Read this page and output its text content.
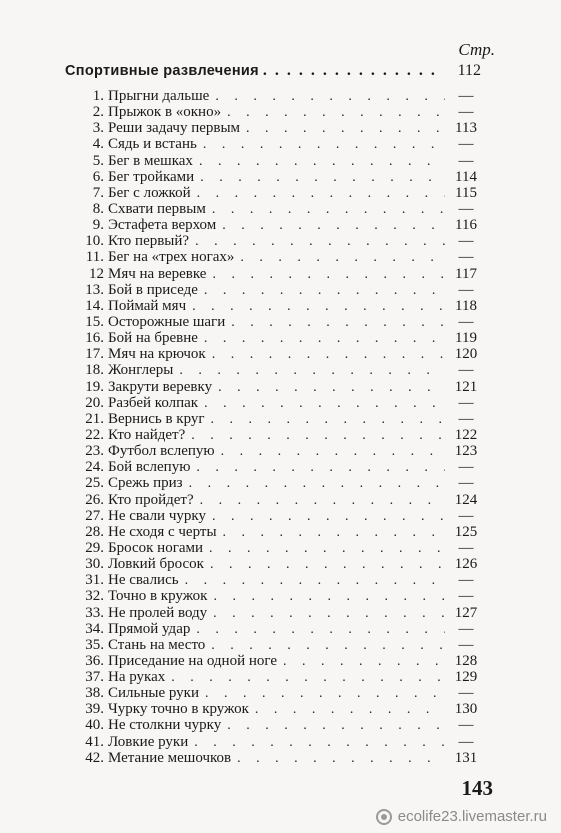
Стр.
Спортивные развлечения . . .	112
1. Прыгни дальше . . .	—
2. Прыжок в «окно» . . .	—
3. Реши задачу первым . . .	113
4. Сядь и встань . . .	—
5. Бег в мешках . . .	—
6. Бег тройками . . .	114
7. Бег с ложкой . . .	115
8. Схвати первым . . .	—
9. Эстафета верхом . . .	116
10. Кто первый? . . .	—
11. Бег на «трех ногах» . . .	—
12 Мяч на веревке . . .	117
13. Бой в приседе . . .	—
14. Поймай мяч . . .	118
15. Осторожные шаги . . .	—
16. Бой на бревне . . .	119
17. Мяч на крючок . . .	120
18. Жонглеры . . .	—
19. Закрути веревку . . .	121
20. Разбей колпак . . .	—
21. Вернись в круг . . .	—
22. Кто найдет? . . .	122
23. Футбол вслепую . . .	123
24. Бой вслепую . . .	—
25. Срежь приз . . .	—
26. Кто пройдет? . . .	124
27. Не свали чурку . . .	—
28. Не сходя с черты . . .	125
29. Бросок ногами . . .	—
30. Ловкий бросок . . .	126
31. Не свались . . .	—
32. Точно в кружок . . .	—
33. Не пролей воду . . .	127
34. Прямой удар . . .	—
35. Стань на место . . .	—
36. Приседание на одной ноге . . .	128
37. На руках . . .	129
38. Сильные руки . . .	—
39. Чурку точно в кружок . . .	130
40. Не столкни чурку . . .	—
41. Ловкие руки . . .	—
42. Метание мешочков . . .	131
143
ecolife23.livemaster.ru
